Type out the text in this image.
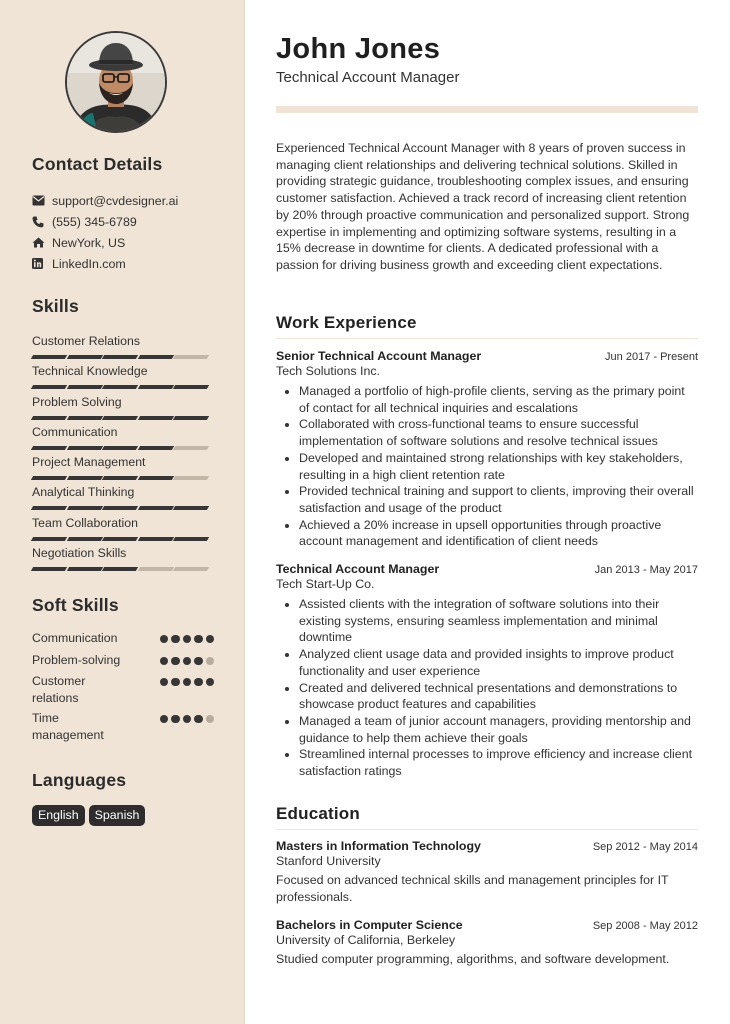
Contact Details
support@cvdesigner.ai
(555) 345-6789
NewYork, US
LinkedIn.com
Skills
Customer Relations
Technical Knowledge
Problem Solving
Communication
Project Management
Analytical Thinking
Team Collaboration
Negotiation Skills
Soft Skills
Communication
Problem-solving
Customer relations
Time management
Languages
English	Spanish
John Jones
Technical Account Manager

Experienced Technical Account Manager with 8 years of proven success in managing client relationships and delivering technical solutions. Skilled in providing strategic guidance, troubleshooting complex issues, and ensuring customer satisfaction. Achieved a track record of increasing client retention by 20% through proactive communication and personalized support. Strong expertise in implementing and optimizing software systems, resulting in a 15% decrease in downtime for clients. A dedicated professional with a passion for driving business growth and exceeding client expectations.

Work Experience
Senior Technical Account Manager	Jun 2017 - Present
Tech Solutions Inc.
• Managed a portfolio of high-profile clients, serving as the primary point of contact for all technical inquiries and escalations
• Collaborated with cross-functional teams to ensure successful implementation of software solutions and resolve technical issues
• Developed and maintained strong relationships with key stakeholders, resulting in a high client retention rate
• Provided technical training and support to clients, improving their overall satisfaction and usage of the product
• Achieved a 20% increase in upsell opportunities through proactive account management and identification of client needs
Technical Account Manager	Jan 2013 - May 2017
Tech Start-Up Co.
• Assisted clients with the integration of software solutions into their existing systems, ensuring seamless implementation and minimal downtime
• Analyzed client usage data and provided insights to improve product functionality and user experience
• Created and delivered technical presentations and demonstrations to showcase product features and capabilities
• Managed a team of junior account managers, providing mentorship and guidance to help them achieve their goals
• Streamlined internal processes to improve efficiency and increase client satisfaction ratings
Education
Masters in Information Technology	Sep 2012 - May 2014
Stanford University
Focused on advanced technical skills and management principles for IT professionals.
Bachelors in Computer Science	Sep 2008 - May 2012
University of California, Berkeley
Studied computer programming, algorithms, and software development.
